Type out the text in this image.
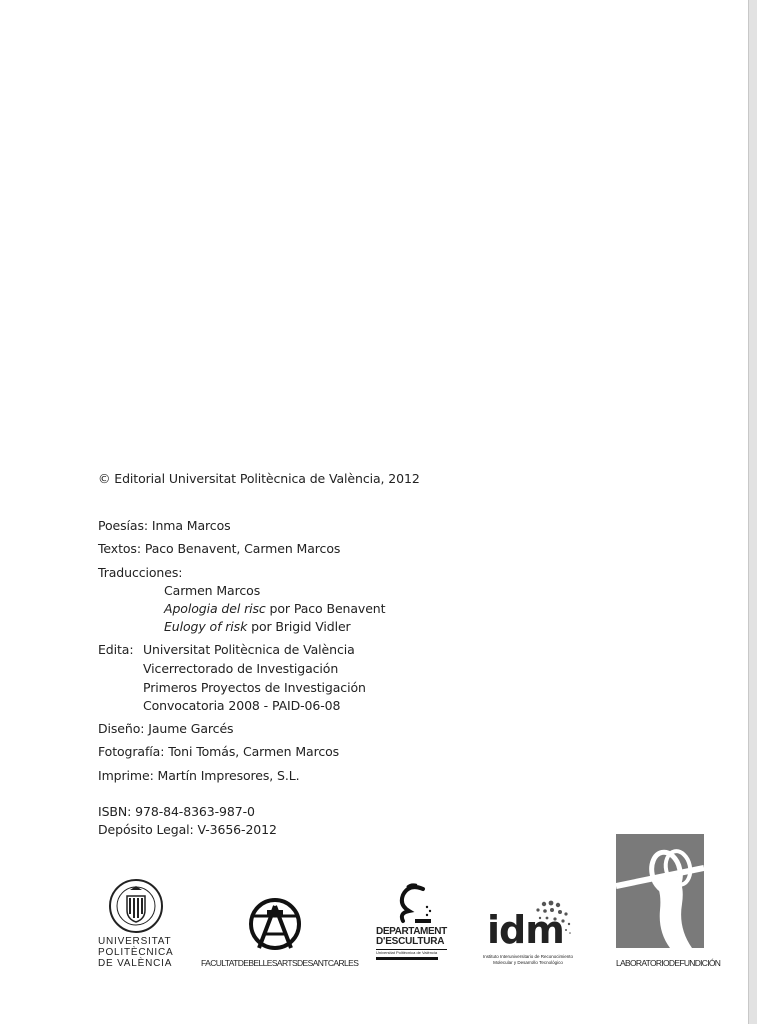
© Editorial Universitat Politècnica de València, 2012
Poesías: Inma Marcos
Textos: Paco Benavent, Carmen Marcos
Traducciones:
Carmen Marcos
Apologia del risc por Paco Benavent
Eulogy of risk por Brigid Vidler
Edita: Universitat Politècnica de València
Vicerrectorado de Investigación
Primeros Proyectos de Investigación
Convocatoria 2008 - PAID-06-08
Diseño: Jaume Garcés
Fotografía: Toni Tomás, Carmen Marcos
Imprime: Martín Impresores, S.L.
ISBN: 978-84-8363-987-0
Depósito Legal: V-3656-2012
UNIVERSITAT
POLITÈCNICA
DE VALÈNCIA	FACULTATDEBELLESARTSDESANTCARLES
DEPARTAMENT
D'ESCULTURA
Universitat Politècnica de València
idm
Instituto Interuniversitario de Reconocimiento
Molecular y Desarrollo Tecnológico	LABORATORIODEFUNDICIÓN
